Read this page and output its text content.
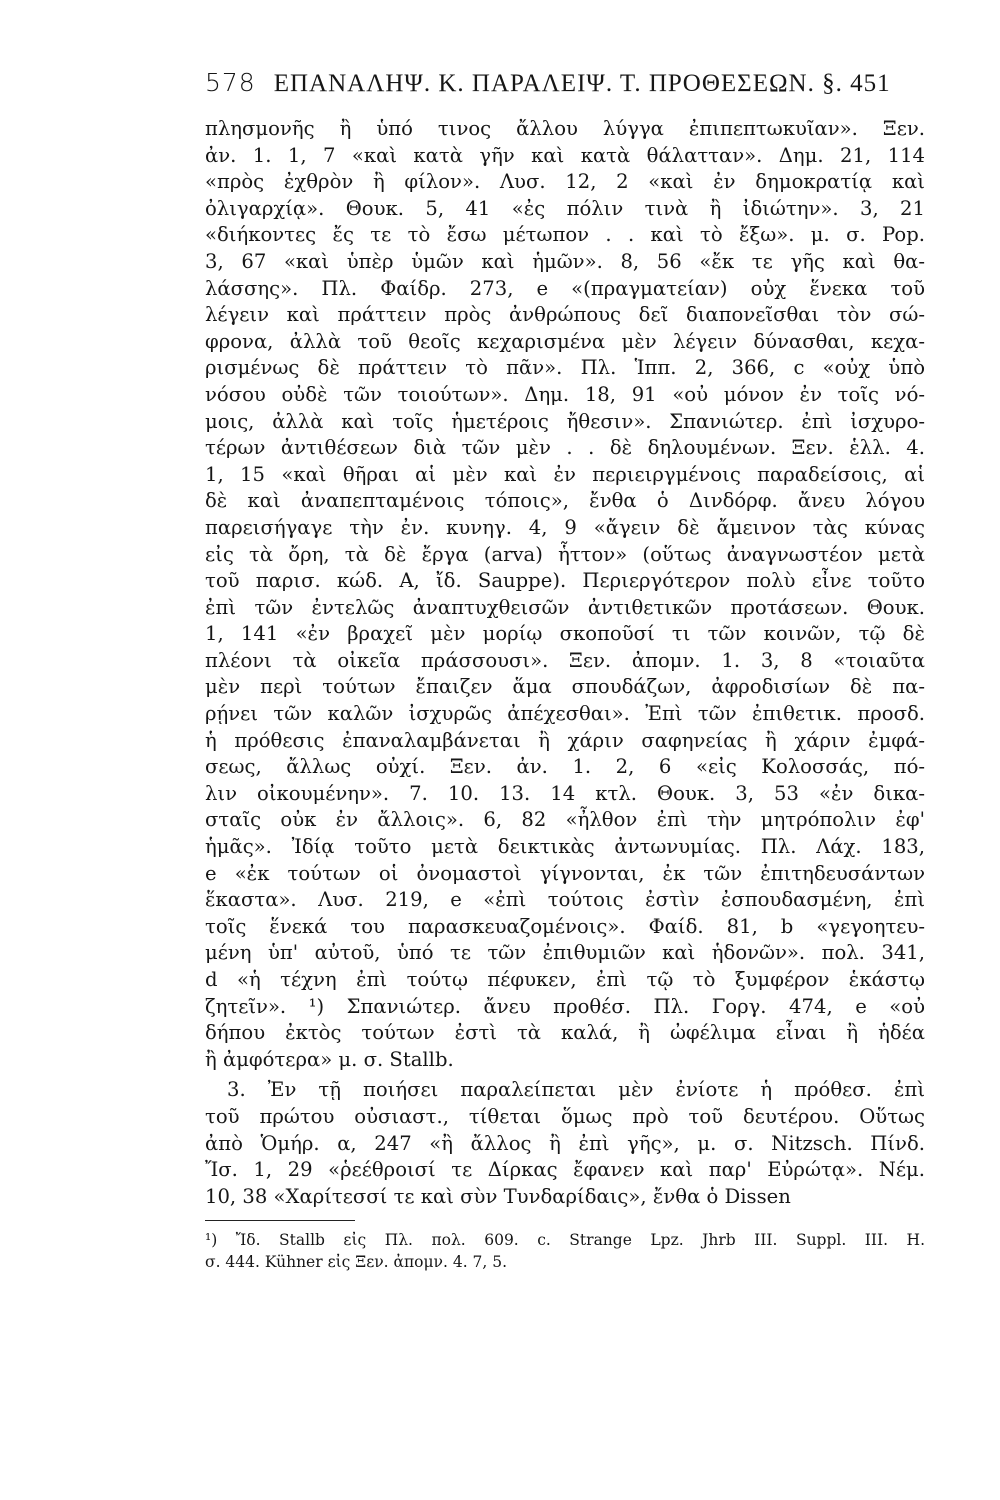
578 ΕΠΑΝΑΛΗΨ. Κ. ΠΑΡΑΛΕΙΨ. Τ. ΠΡΟΘΕΣΕΩΝ. §. 451
πλησμονῆς ἢ ὑπό τινος ἄλλου λύγγα ἐπιπεπτωκυῖαν». Ξεν.
ἀν. 1. 1, 7 «καὶ κατὰ γῆν καὶ κατὰ θάλατταν». Δημ. 21, 114
«πρὸς ἐχθρὸν ἢ φίλον». Λυσ. 12, 2 «καὶ ἐν δημοκρατίᾳ καὶ
ὀλιγαρχίᾳ». Θουκ. 5, 41 «ἐς πόλιν τινὰ ἢ ἰδιώτην». 3, 21
«διήκοντες ἔς τε τὸ ἔσω μέτωπον . . καὶ τὸ ἔξω». μ. σ. Pop.
3, 67 «καὶ ὑπὲρ ὑμῶν καὶ ἡμῶν». 8, 56 «ἔκ τε γῆς καὶ θα-
λάσσης». Πλ. Φαίδρ. 273, e «(πραγματείαν) οὐχ ἕνεκα τοῦ
λέγειν καὶ πράττειν πρὸς ἀνθρώπους δεῖ διαπονεῖσθαι τὸν σώ-
φρονα, ἀλλὰ τοῦ θεοῖς κεχαρισμένα μὲν λέγειν δύνασθαι, κεχα-
ρισμένως δὲ πράττειν τὸ πᾶν». Πλ. Ἱππ. 2, 366, c «οὐχ ὑπὸ
νόσου οὐδὲ τῶν τοιούτων». Δημ. 18, 91 «οὐ μόνον ἐν τοῖς νό-
μοις, ἀλλὰ καὶ τοῖς ἡμετέροις ἤθεσιν». Σπανιώτερ. ἐπὶ ἰσχυρο-
τέρων ἀντιθέσεων διὰ τῶν μὲν . . δὲ δηλουμένων. Ξεν. ἑλλ. 4.
1, 15 «καὶ θῆραι αἱ μὲν καὶ ἐν περιειργμένοις παραδείσοις, αἱ
δὲ καὶ ἀναπεπταμένοις τόποις», ἔνθα ὁ Δινδόρφ. ἄνευ λόγου
παρεισήγαγε τὴν ἐν. κυνηγ. 4, 9 «ἄγειν δὲ ἄμεινον τὰς κύνας
εἰς τὰ ὄρη, τὰ δὲ ἔργα (arva) ἧττον» (οὕτως ἀναγνωστέον μετὰ
τοῦ παρισ. κώδ. A, ἴδ. Sauppe). Περιεργότερον πολὺ εἶνε τοῦτο
ἐπὶ τῶν ἐντελῶς ἀναπτυχθεισῶν ἀντιθετικῶν προτάσεων. Θουκ.
1, 141 «ἐν βραχεῖ μὲν μορίῳ σκοποῦσί τι τῶν κοινῶν, τῷ δὲ
πλέονι τὰ οἰκεῖα πράσσουσι». Ξεν. ἀπομν. 1. 3, 8 «τοιαῦτα
μὲν περὶ τούτων ἔπαιζεν ἅμα σπουδάζων, ἀφροδισίων δὲ πα-
ρῄνει τῶν καλῶν ἰσχυρῶς ἀπέχεσθαι». Ἐπὶ τῶν ἐπιθετικ. προσδ.
ἡ πρόθεσις ἐπαναλαμβάνεται ἢ χάριν σαφηνείας ἢ χάριν ἐμφά-
σεως, ἄλλως οὐχί. Ξεν. ἀν. 1. 2, 6 «εἰς Κολοσσάς, πό-
λιν οἰκουμένην». 7. 10. 13. 14 κτλ. Θουκ. 3, 53 «ἐν δικα-
σταῖς οὐκ ἐν ἄλλοις». 6, 82 «ἦλθον ἐπὶ τὴν μητρόπολιν ἐφ'
ἡμᾶς». Ἰδίᾳ τοῦτο μετὰ δεικτικὰς ἀντωνυμίας. Πλ. Λάχ. 183,
e «ἐκ τούτων οἱ ὀνομαστοὶ γίγνονται, ἐκ τῶν ἐπιτηδευσάντων
ἕκαστα». Λυσ. 219, e «ἐπὶ τούτοις ἐστὶν ἐσπουδασμένη, ἐπὶ
τοῖς ἕνεκά του παρασκευαζομένοις». Φαίδ. 81, b «γεγοητευ-
μένη ὑπ' αὐτοῦ, ὑπό τε τῶν ἐπιθυμιῶν καὶ ἡδονῶν». πολ. 341,
d «ἡ τέχνη ἐπὶ τούτῳ πέφυκεν, ἐπὶ τῷ τὸ ξυμφέρον ἑκάστῳ
ζητεῖν». ¹) Σπανιώτερ. ἄνευ προθέσ. Πλ. Γοργ. 474, e «οὐ
δήπου ἐκτὸς τούτων ἐστὶ τὰ καλά, ἢ ὠφέλιμα εἶναι ἢ ἡδέα
ἢ ἀμφότερα» μ. σ. Stallb.
3. Ἐν τῇ ποιήσει παραλείπεται μὲν ἐνίοτε ἡ πρόθεσ. ἐπὶ
τοῦ πρώτου οὐσιαστ., τίθεται ὅμως πρὸ τοῦ δευτέρου. Οὕτως
ἀπὸ Ὁμήρ. α, 247 «ἢ ἄλλος ἢ ἐπὶ γῆς», μ. σ. Nitzsch. Πίνδ.
Ἴσ. 1, 29 «ῥεέθροισί τε Δίρκας ἔφανεν καὶ παρ' Εὐρώτᾳ». Νέμ.
10, 38 «Χαρίτεσσί τε καὶ σὺν Τυνδαρίδαις», ἔνθα ὁ Dissen
¹) Ἴδ. Stallb εἰς Πλ. πολ. 609. c. Strange Lpz. Jhrb III. Suppl. III. H.
σ. 444. Kühner εἰς Ξεν. ἀπομν. 4. 7, 5.
